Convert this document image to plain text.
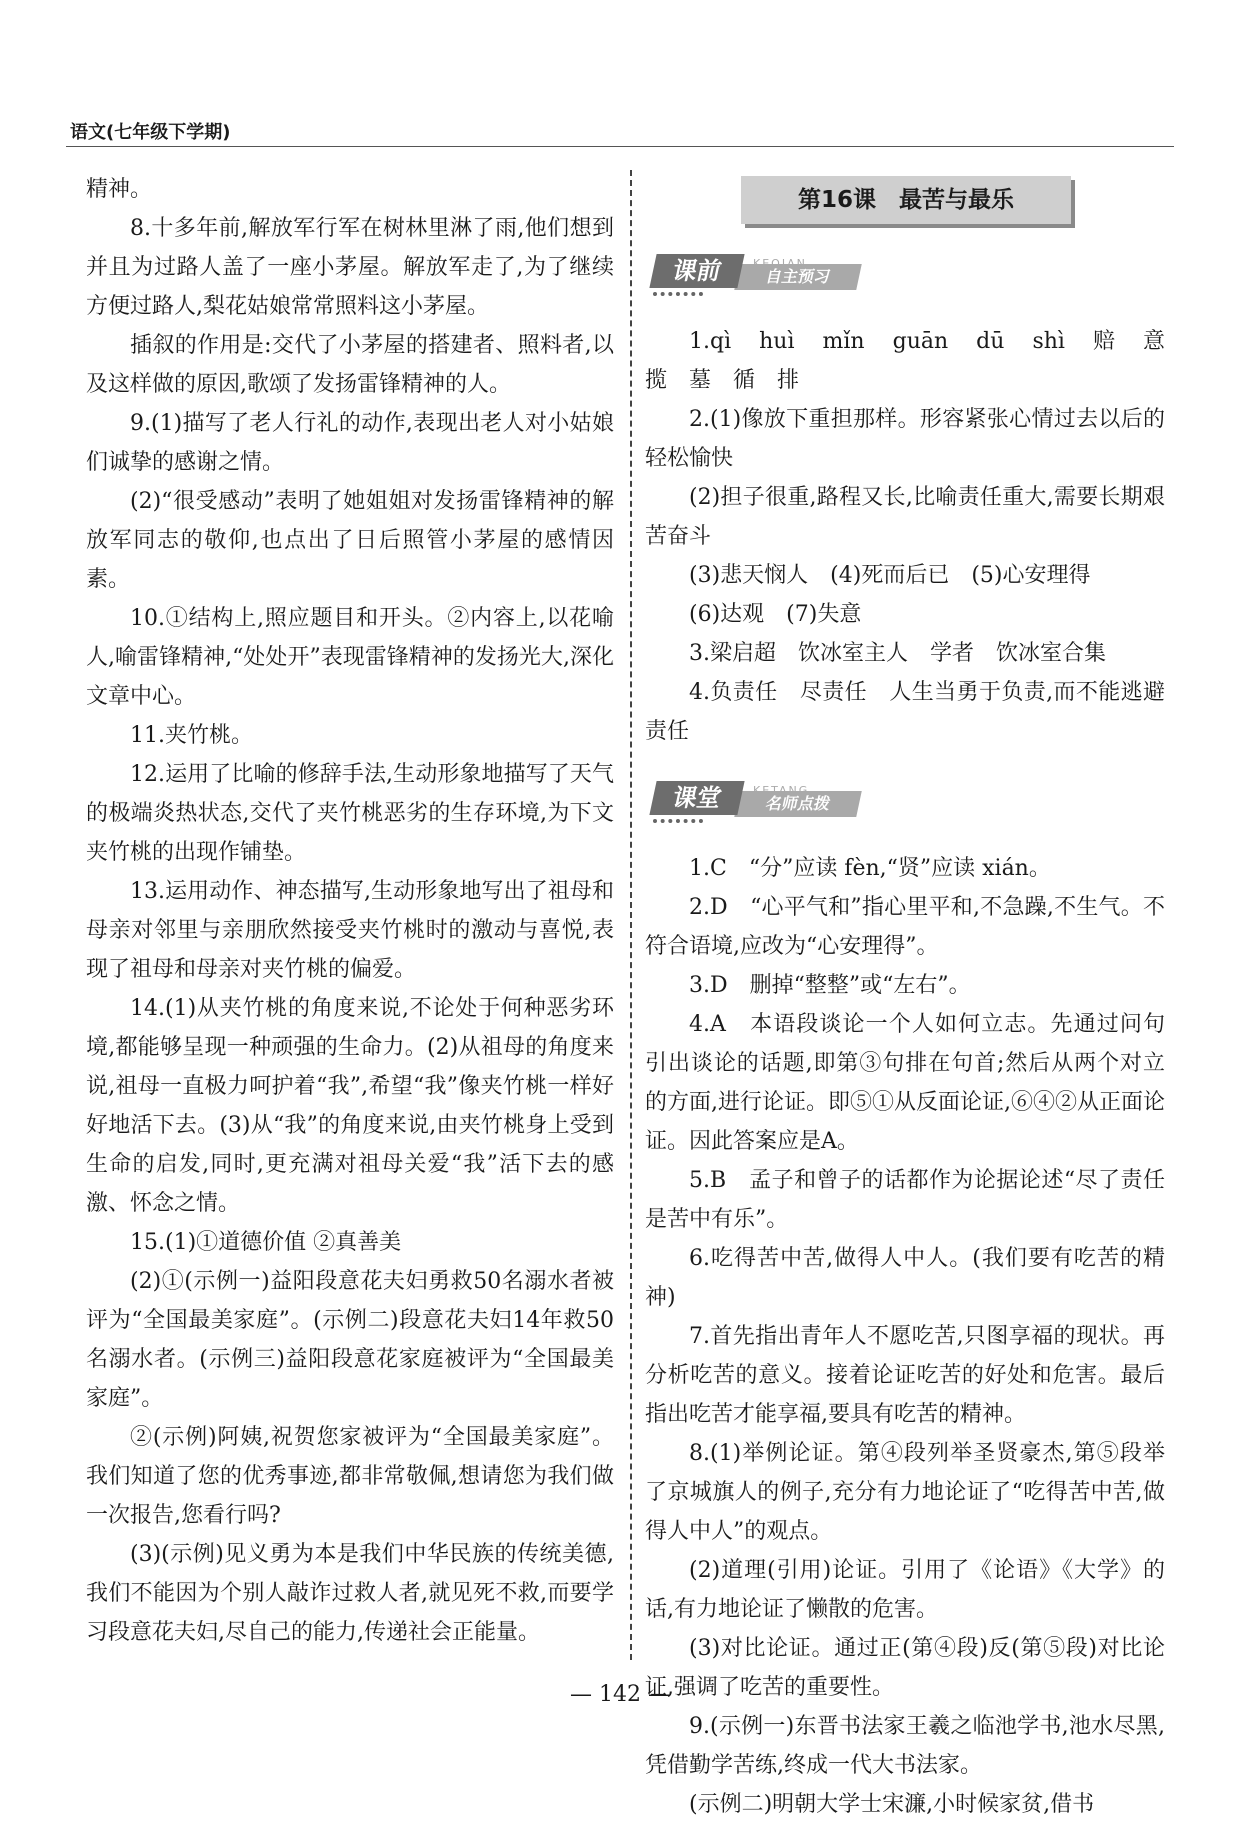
语文(七年级下学期)

精神。

8.十多年前,解放军行军在树林里淋了雨,他们想到并且为过路人盖了一座小茅屋。解放军走了,为了继续方便过路人,梨花姑娘常常照料这小茅屋。

插叙的作用是:交代了小茅屋的搭建者、照料者,以及这样做的原因,歌颂了发扬雷锋精神的人。

9.(1)描写了老人行礼的动作,表现出老人对小姑娘们诚挚的感谢之情。

(2)“很受感动”表明了她姐姐对发扬雷锋精神的解放军同志的敬仰,也点出了日后照管小茅屋的感情因素。

10.①结构上,照应题目和开头。②内容上,以花喻人,喻雷锋精神,“处处开”表现雷锋精神的发扬光大,深化文章中心。

11.夹竹桃。

12.运用了比喻的修辞手法,生动形象地描写了天气的极端炎热状态,交代了夹竹桃恶劣的生存环境,为下文夹竹桃的出现作铺垫。

13.运用动作、神态描写,生动形象地写出了祖母和母亲对邻里与亲朋欣然接受夹竹桃时的激动与喜悦,表现了祖母和母亲对夹竹桃的偏爱。

14.(1)从夹竹桃的角度来说,不论处于何种恶劣环境,都能够呈现一种顽强的生命力。(2)从祖母的角度来说,祖母一直极力呵护着“我”,希望“我”像夹竹桃一样好好地活下去。(3)从“我”的角度来说,由夹竹桃身上受到生命的启发,同时,更充满对祖母关爱“我”活下去的感激、怀念之情。

15.(1)①道德价值 ②真善美

(2)①(示例一)益阳段意花夫妇勇救50名溺水者被评为“全国最美家庭”。(示例二)段意花夫妇14年救50名溺水者。(示例三)益阳段意花家庭被评为“全国最美家庭”。

②(示例)阿姨,祝贺您家被评为“全国最美家庭”。我们知道了您的优秀事迹,都非常敬佩,想请您为我们做一次报告,您看行吗?

(3)(示例)见义勇为本是我们中华民族的传统美德,我们不能因为个别人敲诈过救人者,就见死不救,而要学习段意花夫妇,尽自己的能力,传递社会正能量。

第16课　最苦与最乐
自主预习
课前

1.qì　huì　mǐn　guān　dū　shì　赔　意　揽　墓　循　排

2.(1)像放下重担那样。形容紧张心情过去以后的轻松愉快

(2)担子很重,路程又长,比喻责任重大,需要长期艰苦奋斗

(3)悲天悯人　(4)死而后已　(5)心安理得

(6)达观　(7)失意

3.梁启超　饮冰室主人　学者　饮冰室合集

4.负责任　尽责任　人生当勇于负责,而不能逃避责任

名师点拨
课堂

1.C　“分”应读 fèn,“贤”应读 xián。

2.D　“心平气和”指心里平和,不急躁,不生气。不符合语境,应改为“心安理得”。

3.D　删掉“整整”或“左右”。

4.A　本语段谈论一个人如何立志。先通过问句引出谈论的话题,即第③句排在句首;然后从两个对立的方面,进行论证。即⑤①从反面论证,⑥④②从正面论证。因此答案应是A。

5.B　孟子和曾子的话都作为论据论述“尽了责任是苦中有乐”。

6.吃得苦中苦,做得人中人。(我们要有吃苦的精神)

7.首先指出青年人不愿吃苦,只图享福的现状。再分析吃苦的意义。接着论证吃苦的好处和危害。最后指出吃苦才能享福,要具有吃苦的精神。

8.(1)举例论证。第④段列举圣贤豪杰,第⑤段举了京城旗人的例子,充分有力地论证了“吃得苦中苦,做得人中人”的观点。

(2)道理(引用)论证。引用了《论语》《大学》的话,有力地论证了懒散的危害。

(3)对比论证。通过正(第④段)反(第⑤段)对比论证,强调了吃苦的重要性。

9.(示例一)东晋书法家王羲之临池学书,池水尽黑,凭借勤学苦练,终成一代大书法家。

(示例二)明朝大学士宋濂,小时候家贫,借书

— 142 —
